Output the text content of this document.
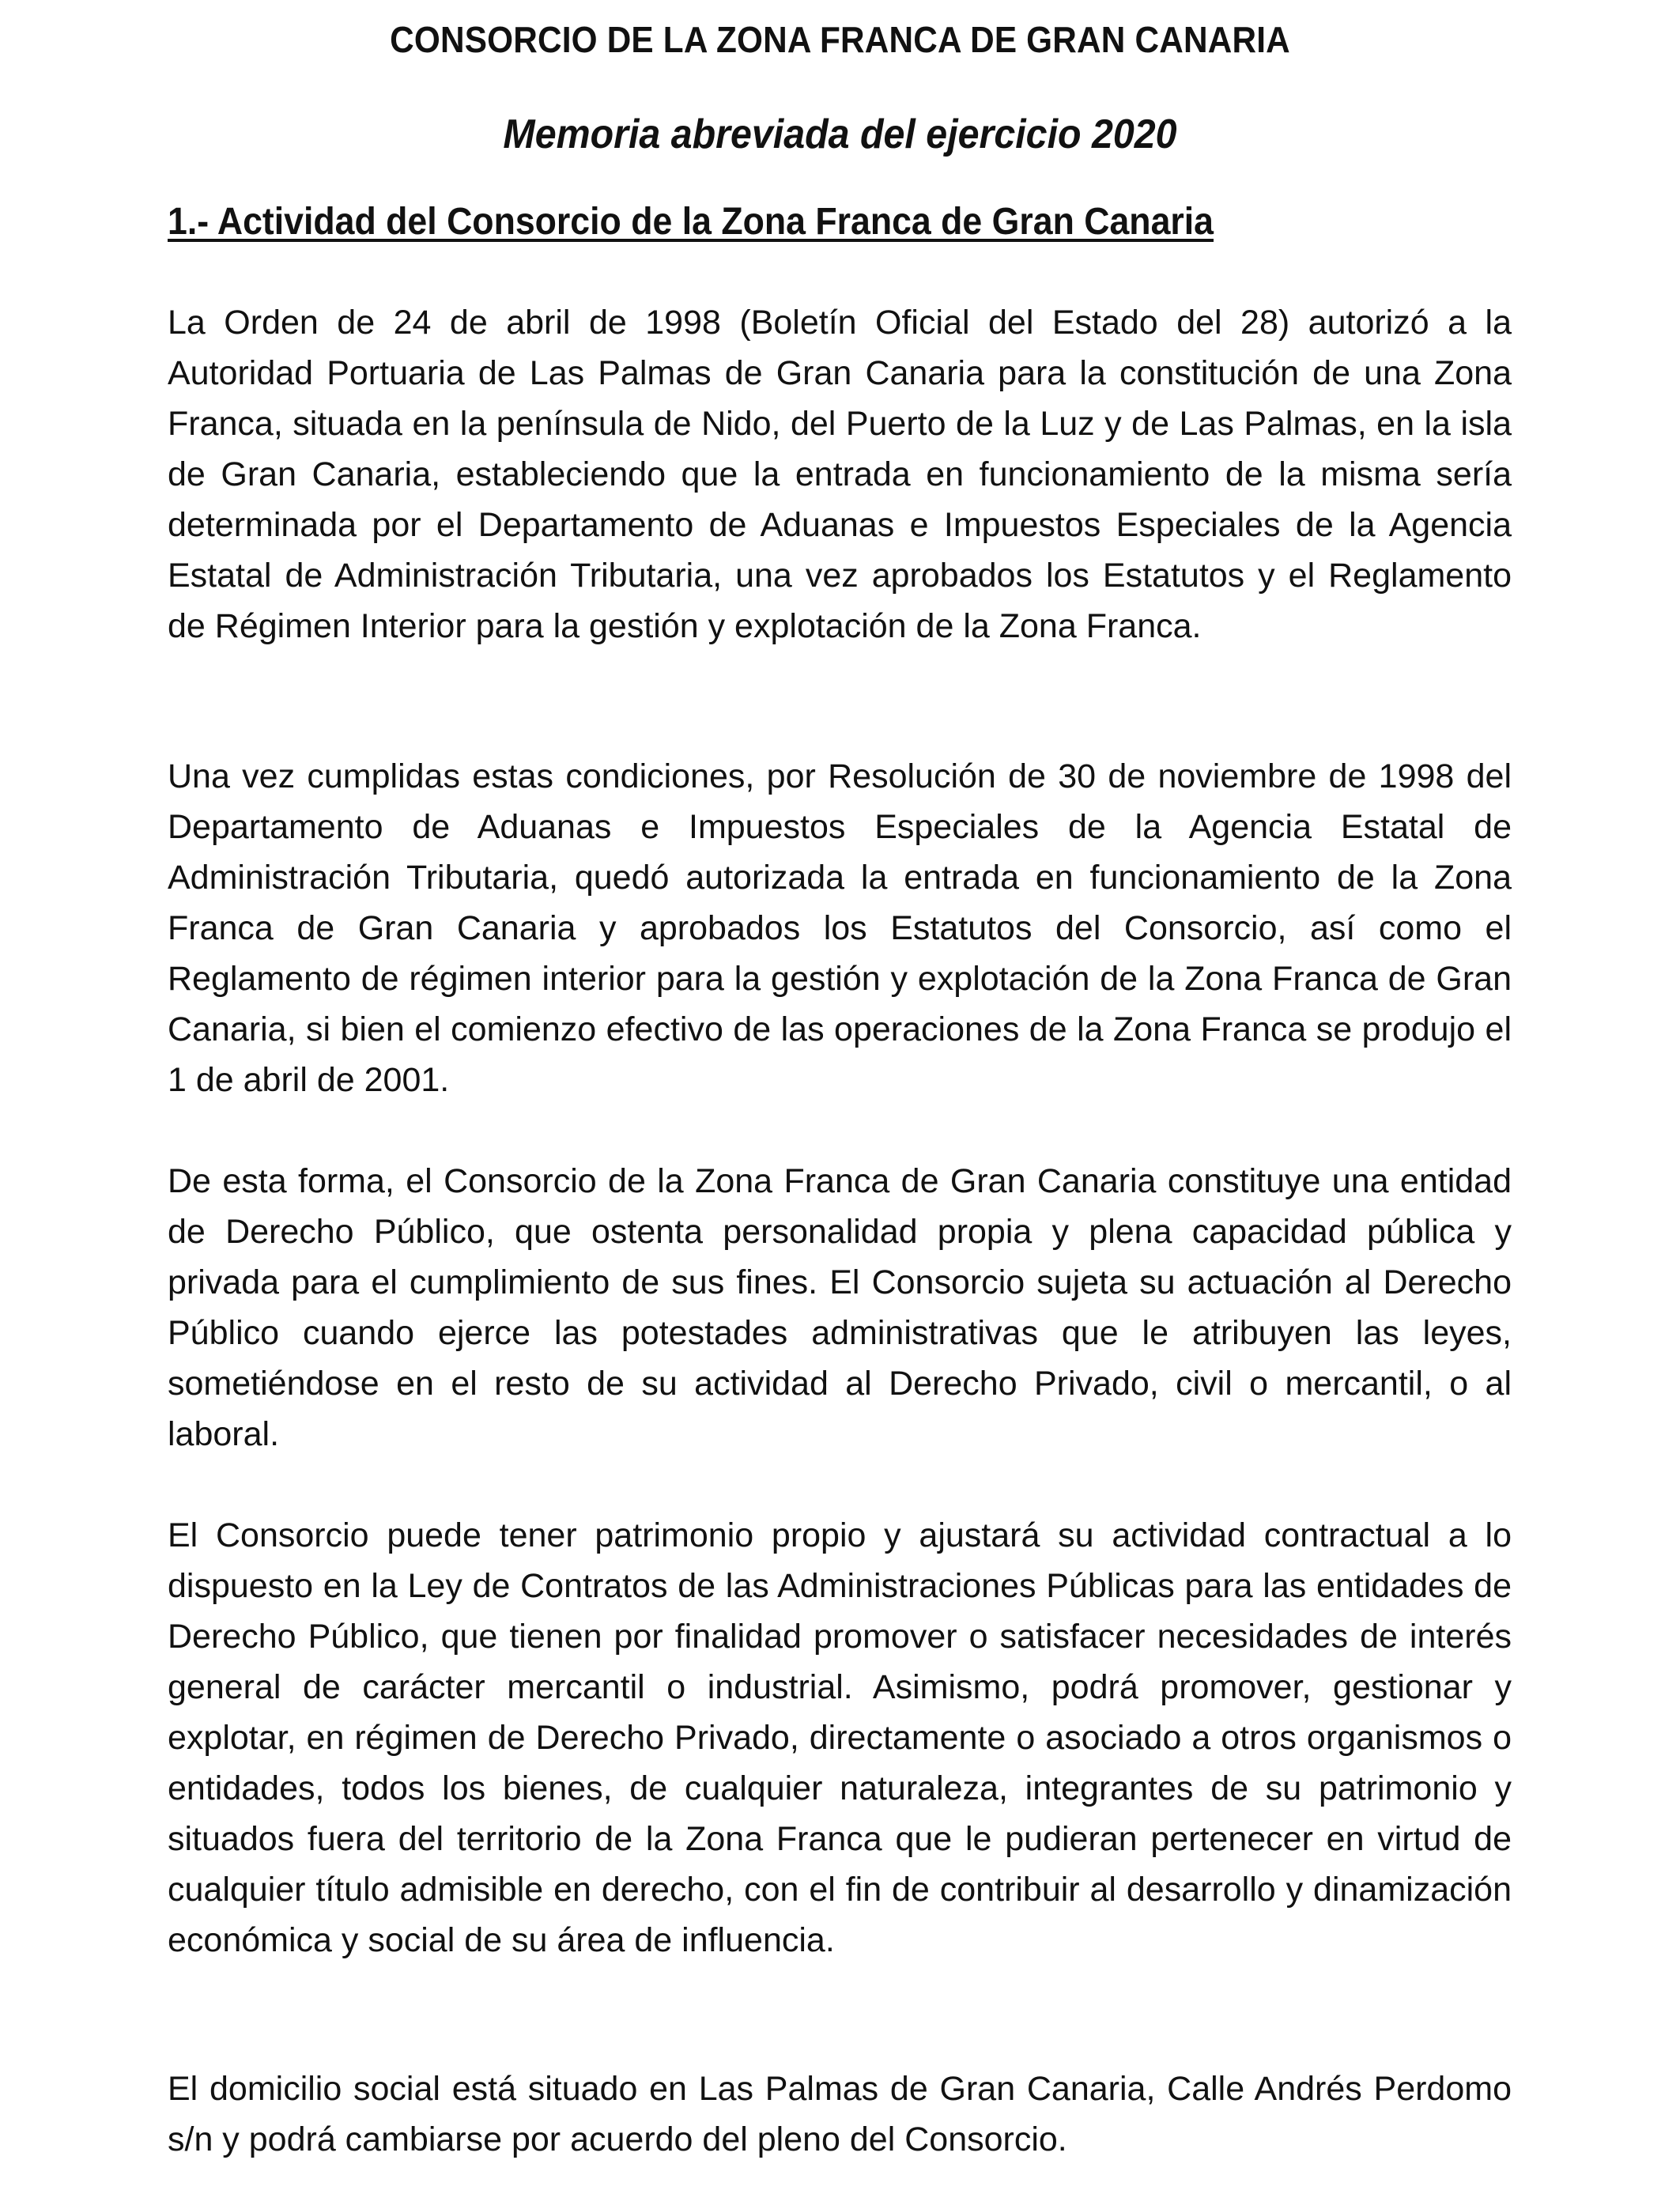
CONSORCIO DE LA ZONA FRANCA DE GRAN CANARIA
Memoria abreviada del ejercicio 2020
1.- Actividad del Consorcio de la Zona Franca de Gran Canaria

La Orden de 24 de abril de 1998 (Boletín Oficial del Estado del 28) autorizó a la Autoridad Portuaria de Las Palmas de Gran Canaria para la constitución de una Zona Franca, situada en la península de Nido, del Puerto de la Luz y de Las Palmas, en la isla de Gran Canaria, estableciendo que la entrada en funcionamiento de la misma sería determinada por el Departamento de Aduanas e Impuestos Especiales de la Agencia Estatal de Administración Tributaria, una vez aprobados los Estatutos y el Reglamento de Régimen Interior para la gestión y explotación de la Zona Franca.

Una vez cumplidas estas condiciones, por Resolución de 30 de noviembre de 1998 del Departamento de Aduanas e Impuestos Especiales de la Agencia Estatal de Administración Tributaria, quedó autorizada la entrada en funcionamiento de la Zona Franca de Gran Canaria y aprobados los Estatutos del Consorcio, así como el Reglamento de régimen interior para la gestión y explotación de la Zona Franca de Gran Canaria, si bien el comienzo efectivo de las operaciones de la Zona Franca se produjo el 1 de abril de 2001.

De esta forma, el Consorcio de la Zona Franca de Gran Canaria constituye una entidad de Derecho Público, que ostenta personalidad propia y plena capacidad pública y privada para el cumplimiento de sus fines. El Consorcio sujeta su actuación al Derecho Público cuando ejerce las potestades administrativas que le atribuyen las leyes, sometiéndose en el resto de su actividad al Derecho Privado, civil o mercantil, o al laboral.

El Consorcio puede tener patrimonio propio y ajustará su actividad contractual a lo dispuesto en la Ley de Contratos de las Administraciones Públicas para las entidades de Derecho Público, que tienen por finalidad promover o satisfacer necesidades de interés general de carácter mercantil o industrial. Asimismo, podrá promover, gestionar y explotar, en régimen de Derecho Privado, directamente o asociado a otros organismos o entidades, todos los bienes, de cualquier naturaleza, integrantes de su patrimonio y situados fuera del territorio de la Zona Franca que le pudieran pertenecer en virtud de cualquier título admisible en derecho, con el fin de contribuir al desarrollo y dinamización económica y social de su área de influencia.

El domicilio social está situado en Las Palmas de Gran Canaria, Calle Andrés Perdomo s/n y podrá cambiarse por acuerdo del pleno del Consorcio.
